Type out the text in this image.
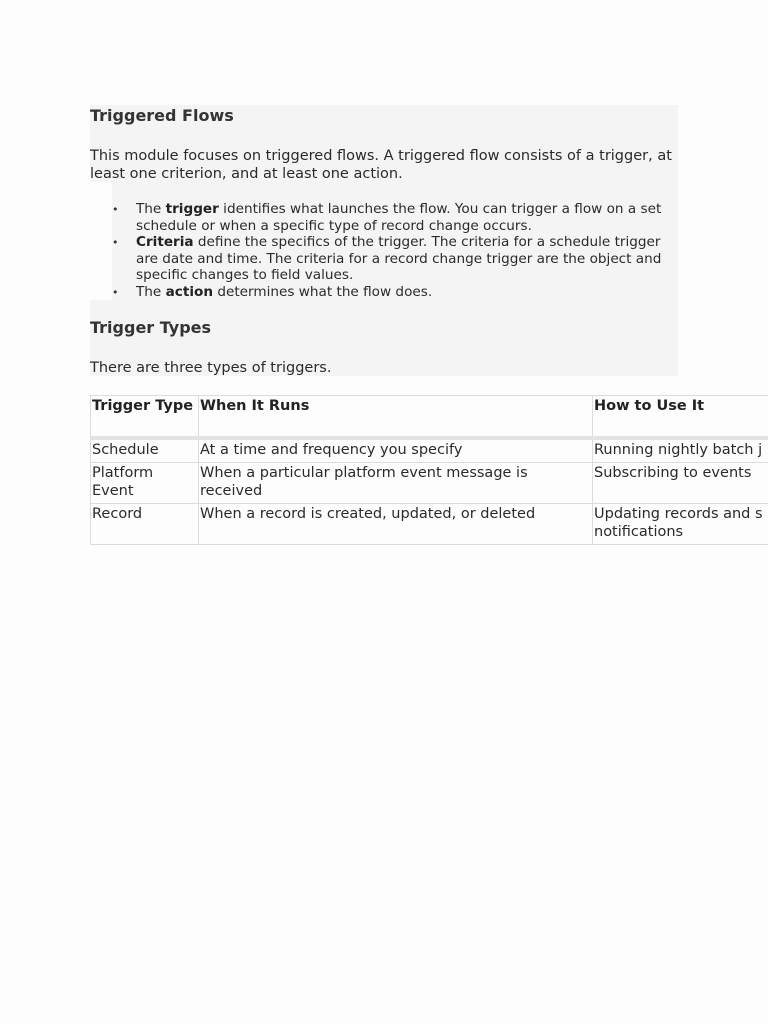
Triggered Flows
This module focuses on triggered flows. A triggered flow consists of a trigger, at least one criterion, and at least one action.
• The trigger identifies what launches the flow. You can trigger a flow on a set schedule or when a specific type of record change occurs.
• Criteria define the specifics of the trigger. The criteria for a schedule trigger are date and time. The criteria for a record change trigger are the object and specific changes to field values.
• The action determines what the flow does.
Trigger Types
There are three types of triggers.
Trigger Type	When It Runs	How to Use It
Schedule	At a time and frequency you specify	Running nightly batch j
Platform Event	When a particular platform event message is received	Subscribing to events
Record	When a record is created, updated, or deleted	Updating records and s notifications
